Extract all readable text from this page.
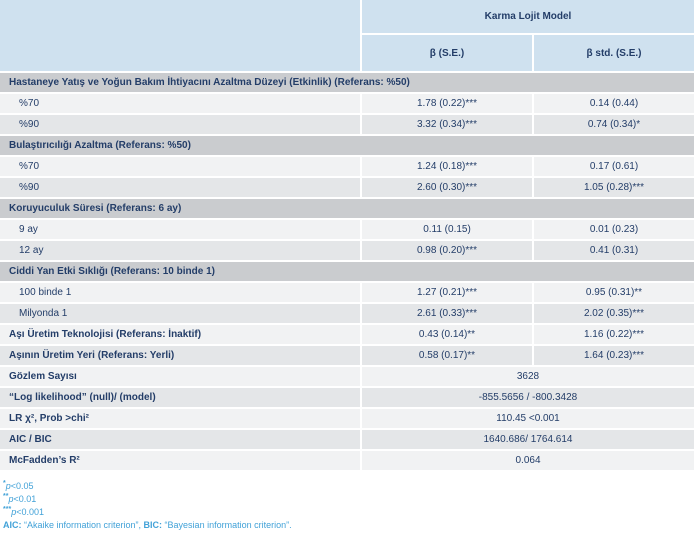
Karma Lojit Model
β (S.E.)	β std. (S.E.)
Hastaneye Yatış ve Yoğun Bakım İhtiyacını Azaltma Düzeyi (Etkinlik) (Referans: %50)
%70	1.78 (0.22)***	0.14 (0.44)
%90	3.32 (0.34)***	0.74 (0.34)*
Bulaştırıcılığı Azaltma (Referans: %50)
%70	1.24 (0.18)***	0.17 (0.61)
%90	2.60 (0.30)***	1.05 (0.28)***
Koruyuculuk Süresi (Referans: 6 ay)
9 ay	0.11 (0.15)	0.01 (0.23)
12 ay	0.98 (0.20)***	0.41 (0.31)
Ciddi Yan Etki Sıklığı (Referans: 10 binde 1)
100 binde 1	1.27 (0.21)***	0.95 (0.31)**
Milyonda 1	2.61 (0.33)***	2.02 (0.35)***
Aşı Üretim Teknolojisi (Referans: İnaktif)	0.43 (0.14)**	1.16 (0.22)***
Aşının Üretim Yeri (Referans: Yerli)	0.58 (0.17)**	1.64 (0.23)***
Gözlem Sayısı	3628
“Log likelihood” (null)/ (model)	-855.5656 / -800.3428
LR χ², Prob >chi²	110.45 <0.001
AIC / BIC	1640.686/ 1764.614
McFadden’s R²	0.064
*p<0.05
**p<0.01
***p<0.001
AIC: “Akaike information criterion”, BIC: “Bayesian information criterion”.
